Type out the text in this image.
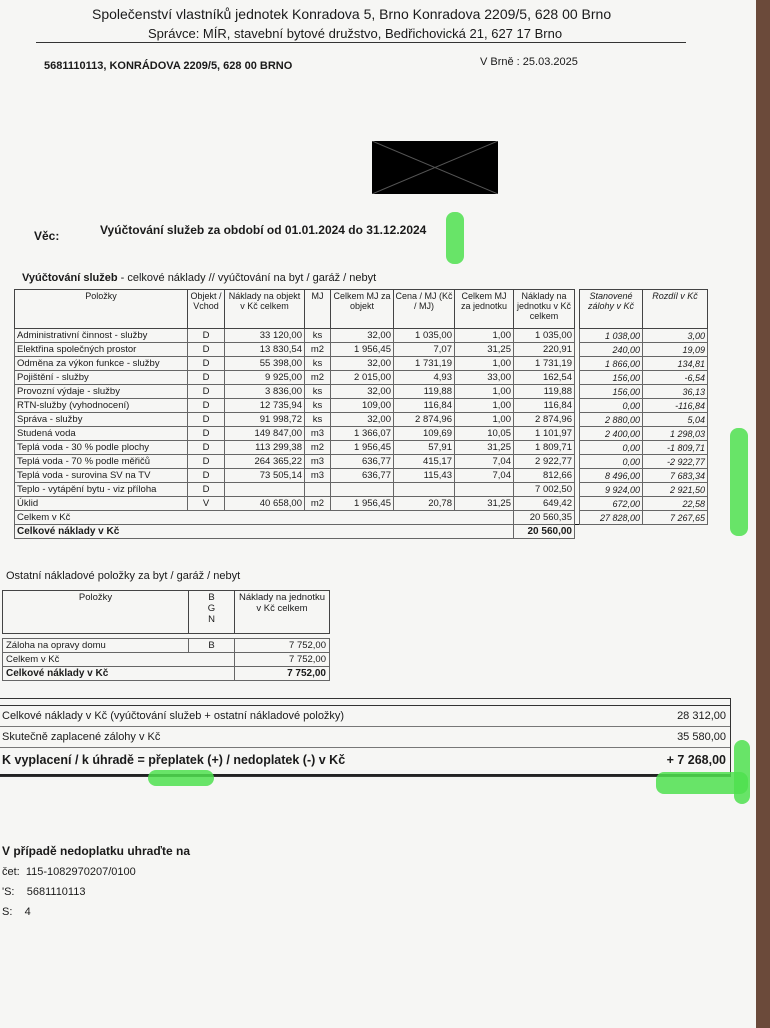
Společenství vlastníků jednotek Konradova 5, Brno Konradova 2209/5, 628 00 Brno
Správce: MÍR, stavební bytové družstvo, Bedřichovická 21, 627 17 Brno
5681110113, KONRÁDOVA 2209/5, 628 00 BRNO	V Brně : 25.03.2025
Věc:	Vyúčtování služeb za období od 01.01.2024 do 31.12.2024
Vyúčtování služeb - celkové náklady // vyúčtování na byt / garáž / nebyt
Položky	Objekt / Vchod	Náklady na objekt v Kč celkem	MJ	Celkem MJ za objekt	Cena / MJ (Kč / MJ)	Celkem MJ za jednotku	Náklady na jednotku v Kč celkem		Stanovené zálohy v Kč	Rozdíl v Kč
Administrativní činnost - služby	D	33 120,00	ks	32,00	1 035,00	1,00	1 035,00		1 038,00	3,00
Elektřina společných prostor	D	13 830,54	m2	1 956,45	7,07	31,25	220,91		240,00	19,09
Odměna za výkon funkce - služby	D	55 398,00	ks	32,00	1 731,19	1,00	1 731,19		1 866,00	134,81
Pojištění - služby	D	9 925,00	m2	2 015,00	4,93	33,00	162,54		156,00	-6,54
Provozní výdaje - služby	D	3 836,00	ks	32,00	119,88	1,00	119,88		156,00	36,13
RTN-služby (vyhodnocení)	D	12 735,94	ks	109,00	116,84	1,00	116,84		0,00	-116,84
Správa - služby	D	91 998,72	ks	32,00	2 874,96	1,00	2 874,96		2 880,00	5,04
Studená voda	D	149 847,00	m3	1 366,07	109,69	10,05	1 101,97		2 400,00	1 298,03
Teplá voda - 30 % podle plochy	D	113 299,38	m2	1 956,45	57,91	31,25	1 809,71		0,00	-1 809,71
Teplá voda - 70 % podle měřičů	D	264 365,22	m3	636,77	415,17	7,04	2 922,77		0,00	-2 922,77
Teplá voda - surovina SV na TV	D	73 505,14	m3	636,77	115,43	7,04	812,66		8 496,00	7 683,34
Teplo - vytápění bytu - viz příloha	D						7 002,50		9 924,00	2 921,50
Úklid	V	40 658,00	m2	1 956,45	20,78	31,25	649,42		672,00	22,58
Celkem v Kč							20 560,35		27 828,00	7 267,65
Celkové náklady v Kč							20 560,00			
Ostatní nákladové položky za byt / garáž / nebyt
Položky	B
G
N	Náklady na jednotku v Kč celkem

Záloha na opravy domu	B	7 752,00
Celkem v Kč		7 752,00
Celkové náklady v Kč		7 752,00
Celkové náklady v Kč (vyúčtování služeb + ostatní nákladové položky)	28 312,00
Skutečně zaplacené zálohy v Kč	35 580,00
K vyplacení / k úhradě = přeplatek (+) / nedoplatek (-) v Kč	+ 7 268,00
V případě nedoplatku uhraďte na
čet: 115-1082970207/0100
'S: 5681110113
S: 4
